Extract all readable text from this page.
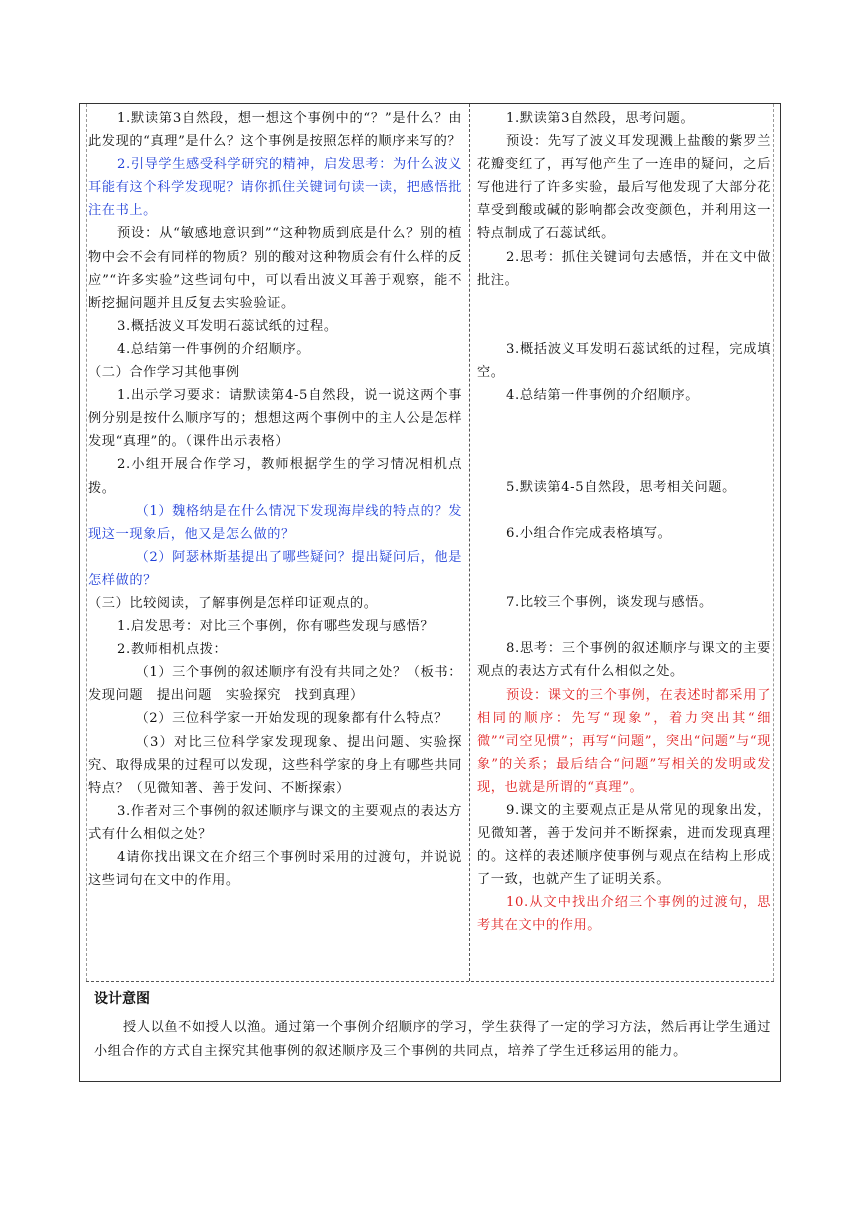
1.默读第3自然段，想一想这个事例中的“？”是什么？由此发现的“真理”是什么？这个事例是按照怎样的顺序来写的？

2.引导学生感受科学研究的精神，启发思考：为什么波义耳能有这个科学发现呢？请你抓住关键词句读一读，把感悟批注在书上。

预设：从“敏感地意识到”“这种物质到底是什么？别的植物中会不会有同样的物质？别的酸对这种物质会有什么样的反应”“许多实验”这些词句中，可以看出波义耳善于观察，能不断挖掘问题并且反复去实验验证。

3.概括波义耳发明石蕊试纸的过程。

4.总结第一件事例的介绍顺序。

（二）合作学习其他事例

1.出示学习要求：请默读第4-5自然段，说一说这两个事例分别是按什么顺序写的；想想这两个事例中的主人公是怎样发现“真理”的。（课件出示表格）

2.小组开展合作学习，教师根据学生的学习情况相机点拨。

（1）魏格纳是在什么情况下发现海岸线的特点的？发现这一现象后，他又是怎么做的？

（2）阿瑟林斯基提出了哪些疑问？提出疑问后，他是怎样做的？

（三）比较阅读，了解事例是怎样印证观点的。

1.启发思考：对比三个事例，你有哪些发现与感悟？

2.教师相机点拨：

（1）三个事例的叙述顺序有没有共同之处？（板书：发现问题　提出问题　实验探究　找到真理）

（2）三位科学家一开始发现的现象都有什么特点？

（3）对比三位科学家发现现象、提出问题、实验探究、取得成果的过程可以发现，这些科学家的身上有哪些共同特点？（见微知著、善于发问、不断探索）

3.作者对三个事例的叙述顺序与课文的主要观点的表达方式有什么相似之处？

4请你找出课文在介绍三个事例时采用的过渡句，并说说这些词句在文中的作用。

1.默读第3自然段，思考问题。

预设：先写了波义耳发现溅上盐酸的紫罗兰花瓣变红了，再写他产生了一连串的疑问，之后写他进行了许多实验，最后写他发现了大部分花草受到酸或碱的影响都会改变颜色，并利用这一特点制成了石蕊试纸。

2.思考：抓住关键词句去感悟，并在文中做批注。

3.概括波义耳发明石蕊试纸的过程，完成填空。

4.总结第一件事例的介绍顺序。

5.默读第4-5自然段，思考相关问题。

6.小组合作完成表格填写。

7.比较三个事例，谈发现与感悟。

8.思考：三个事例的叙述顺序与课文的主要观点的表达方式有什么相似之处。

预设：课文的三个事例，在表述时都采用了相同的顺序：先写“现象”，着力突出其“细微”“司空见惯”；再写“问题”，突出“问题”与“现象”的关系；最后结合“问题”写相关的发明或发现，也就是所谓的“真理”。

9.课文的主要观点正是从常见的现象出发，见微知著，善于发问并不断探索，进而发现真理的。这样的表述顺序使事例与观点在结构上形成了一致，也就产生了证明关系。

10.从文中找出介绍三个事例的过渡句，思考其在文中的作用。

设计意图
授人以鱼不如授人以渔。通过第一个事例介绍顺序的学习，学生获得了一定的学习方法，然后再让学生通过小组合作的方式自主探究其他事例的叙述顺序及三个事例的共同点，培养了学生迁移运用的能力。
